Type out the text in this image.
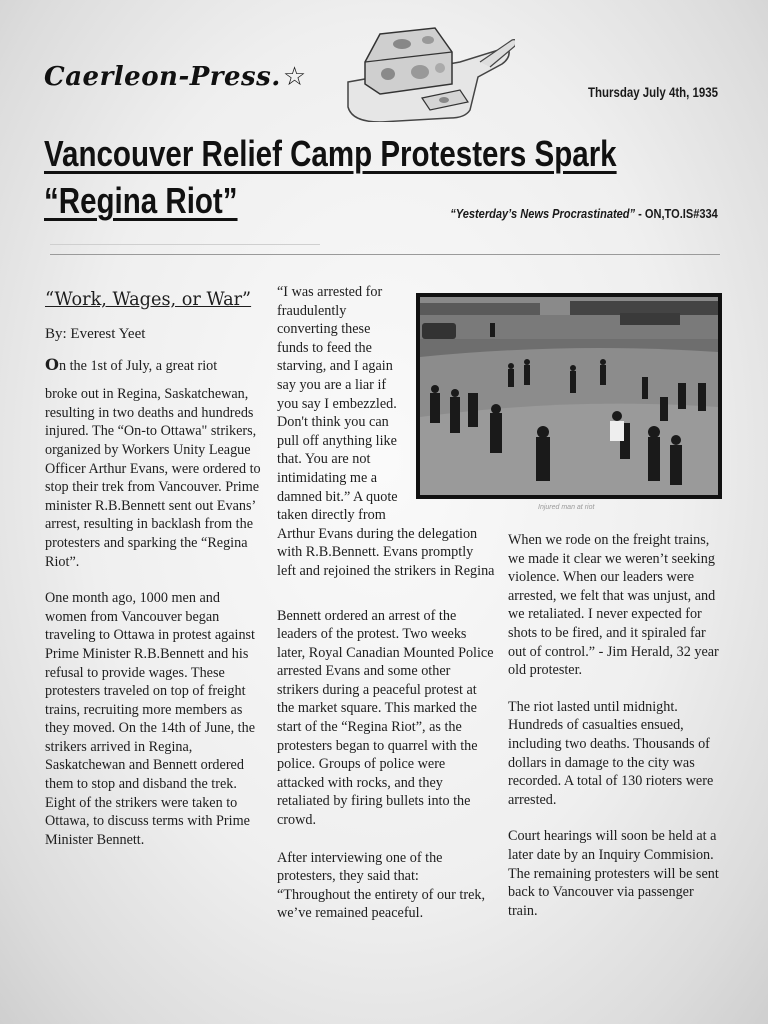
Caerleon-Press.☆
Thursday July 4th, 1935
Vancouver Relief Camp Protesters Spark
“Regina Riot”	“Yesterday’s News Procrastinated” - ON,TO.IS#334

“Work, Wages, or War”

By: Everest Yeet

On the 1st of July, a great riot

broke out in Regina, Saskatchewan, resulting in two deaths and hundreds injured. The “On-to Ottawa" strikers, organized by Workers Unity League Officer Arthur Evans, were ordered to stop their trek from Vancouver. Prime minister R.B.Bennett sent out Evans’ arrest, resulting in backlash from the protesters and sparking the “Regina Riot”.

One month ago, 1000 men and women from Vancouver began traveling to Ottawa in protest against Prime Minister R.B.Bennett and his refusal to provide wages. These protesters traveled on top of freight trains, recruiting more members as they moved. On the 14th of June, the strikers arrived in Regina, Saskatchewan and Bennett ordered them to stop and disband the trek. Eight of the strikers were taken to Ottawa, to discuss terms with Prime Minister Bennett.

“I was arrested for

fraudulently

converting these

funds to feed the

starving, and I again

say you are a liar if

you say I embezzled.

Don't think you can

pull off anything like

that. You are not

intimidating me a

damned bit.” A quote

taken directly from

Arthur Evans during the delegation with R.B.Bennett. Evans promptly left and rejoined the strikers in Regina

Bennett ordered an arrest of the leaders of the protest. Two weeks later, Royal Canadian Mounted Police arrested Evans and some other strikers during a peaceful protest at the market square. This marked the start of the “Regina Riot”, as the protesters began to quarrel with the police. Groups of police were attacked with rocks, and they retaliated by firing bullets into the crowd.

After interviewing one of the protesters, they said that: “Throughout the entirety of our trek, we’ve remained peaceful.

Injured man at riot

When we rode on the freight trains, we made it clear we weren’t seeking violence. When our leaders were arrested, we felt that was unjust, and we retaliated. I never expected for shots to be fired, and it spiraled far out of control.” - Jim Herald, 32 year old protester.

The riot lasted until midnight. Hundreds of casualties ensued, including two deaths. Thousands of dollars in damage to the city was recorded. A total of 130 rioters were arrested.

Court hearings will soon be held at a later date by an Inquiry Commision. The remaining protesters will be sent back to Vancouver via passenger train.
